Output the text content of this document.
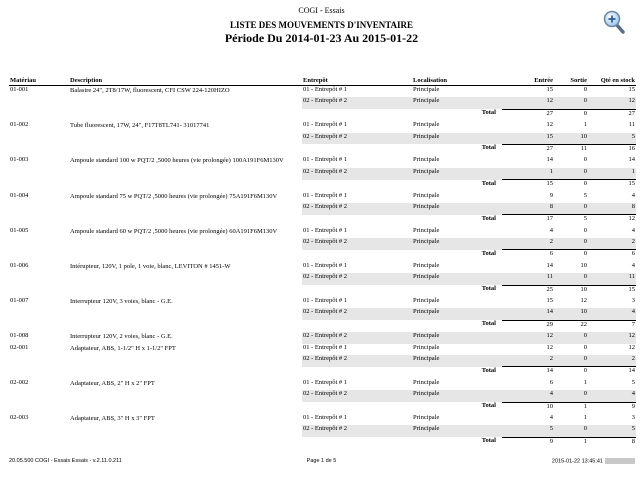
COGI - Essais
LISTE DES MOUVEMENTS D'INVENTAIRE
Période Du 2014-01-23 Au 2015-01-22
Matériau	Description	Entrepôt	Localisation	Entrée	Sortie	Qté en stock
01-001	Balastre 24", 2T8/17W, fluorescent, CFI CSW 224-120HIZO	01 - Entrepôt # 1	Principale	15	0	15
		02 - Entrepôt # 2	Principale	12	0	12
			Total	27	0	27
01-002	Tube fluorescent, 17W, 24", F17T8TL741- 31017741	01 - Entrepôt # 1	Principale	12	1	11
		02 - Entrepôt # 2	Principale	15	10	5
			Total	27	11	16
01-003	Ampoule standard 100 w PQT/2 ,5000 heures (vie prolongée) 100A191F6M130V	01 - Entrepôt # 1	Principale	14	0	14
		02 - Entrepôt # 2	Principale	1	0	1
			Total	15	0	15
01-004	Ampoule standard 75 w PQT/2 ,5000 heures (vie prolongée) 75A191F6M130V	01 - Entrepôt # 1	Principale	9	5	4
		02 - Entrepôt # 2	Principale	8	0	8
			Total	17	5	12
01-005	Ampoule standard 60 w PQT/2 ,5000 heures (vie prolongée) 60A191F6M130V	01 - Entrepôt # 1	Principale	4	0	4
		02 - Entrepôt # 2	Principale	2	0	2
			Total	6	0	6
01-006	Intérupteur, 120V, 1 pole, 1 voie, blanc, LEVITON # 1451-W	01 - Entrepôt # 1	Principale	14	10	4
		02 - Entrepôt # 2	Principale	11	0	11
			Total	25	10	15
01-007	Interrupteur 120V, 3 voies, blanc - G.E.	01 - Entrepôt # 1	Principale	15	12	3
		02 - Entrepôt # 2	Principale	14	10	4
			Total	29	22	7
01-008	Interrupteur 120V, 2 voies, blanc - G.E.	02 - Entrepôt # 2	Principale	12	0	12
02-001	Adaptateur, ABS, 1-1/2" H x 1-1/2" FPT	01 - Entrepôt # 1	Principale	12	0	12
		02 - Entrepôt # 2	Principale	2	0	2
			Total	14	0	14
02-002	Adaptateur, ABS, 2" H x 2" FPT	01 - Entrepôt # 1	Principale	6	1	5
		02 - Entrepôt # 2	Principale	4	0	4
			Total	10	1	9
02-003	Adaptateur, ABS, 3" H x 3" FPT	01 - Entrepôt # 1	Principale	4	1	3
		02 - Entrepôt # 2	Principale	5	0	5
			Total	9	1	8
20.05.500 COGI - Essais Essais - v.2.11.0.211	Page 1 de 5	2015-01-22 13:45:41
